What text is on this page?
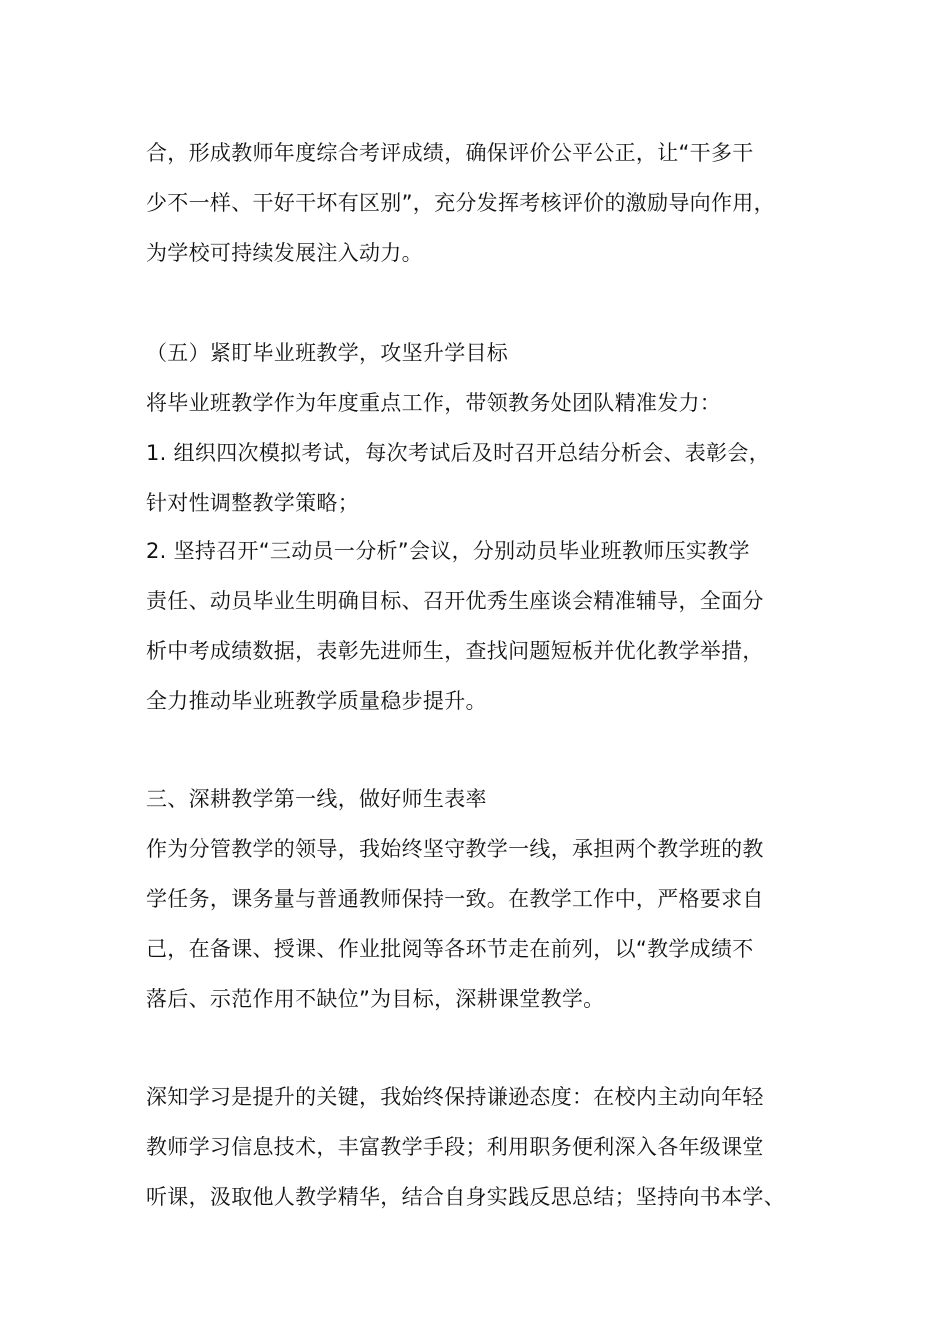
合，形成教师年度综合考评成绩，确保评价公平公正，让“干多干
少不一样、干好干坏有区别”，充分发挥考核评价的激励导向作用，
为学校可持续发展注入动力。
（五）紧盯毕业班教学，攻坚升学目标
将毕业班教学作为年度重点工作，带领教务处团队精准发力：
1. 组织四次模拟考试，每次考试后及时召开总结分析会、表彰会，
针对性调整教学策略；
2. 坚持召开“三动员一分析”会议，分别动员毕业班教师压实教学
责任、动员毕业生明确目标、召开优秀生座谈会精准辅导，全面分
析中考成绩数据，表彰先进师生，查找问题短板并优化教学举措，
全力推动毕业班教学质量稳步提升。
三、深耕教学第一线，做好师生表率
作为分管教学的领导，我始终坚守教学一线，承担两个教学班的教
学任务，课务量与普通教师保持一致。在教学工作中，严格要求自
己，在备课、授课、作业批阅等各环节走在前列，以“教学成绩不
落后、示范作用不缺位”为目标，深耕课堂教学。
深知学习是提升的关键，我始终保持谦逊态度：在校内主动向年轻
教师学习信息技术，丰富教学手段；利用职务便利深入各年级课堂
听课，汲取他人教学精华，结合自身实践反思总结；坚持向书本学、
